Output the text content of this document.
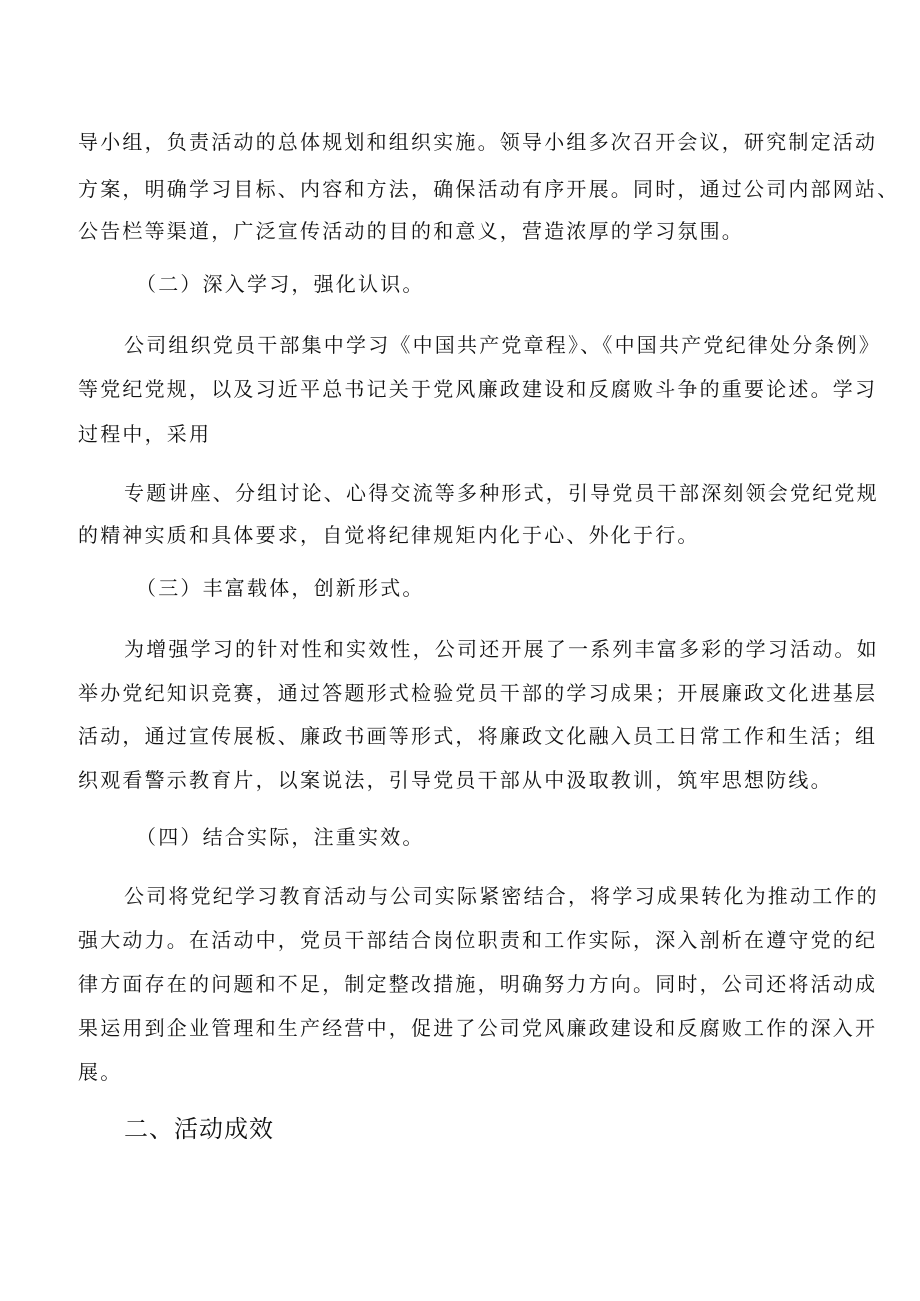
导小组，负责活动的总体规划和组织实施。领导小组多次召开会议，研究制定活动
方案，明确学习目标、内容和方法，确保活动有序开展。同时，通过公司内部网站、
公告栏等渠道，广泛宣传活动的目的和意义，营造浓厚的学习氛围。
（二）深入学习，强化认识。
公司组织党员干部集中学习《中国共产党章程》、《中国共产党纪律处分条例》
等党纪党规，以及习近平总书记关于党风廉政建设和反腐败斗争的重要论述。学习
过程中，采用
专题讲座、分组讨论、心得交流等多种形式，引导党员干部深刻领会党纪党规
的精神实质和具体要求，自觉将纪律规矩内化于心、外化于行。
（三）丰富载体，创新形式。
为增强学习的针对性和实效性，公司还开展了一系列丰富多彩的学习活动。如
举办党纪知识竞赛，通过答题形式检验党员干部的学习成果；开展廉政文化进基层
活动，通过宣传展板、廉政书画等形式，将廉政文化融入员工日常工作和生活；组
织观看警示教育片，以案说法，引导党员干部从中汲取教训，筑牢思想防线。
（四）结合实际，注重实效。
公司将党纪学习教育活动与公司实际紧密结合，将学习成果转化为推动工作的
强大动力。在活动中，党员干部结合岗位职责和工作实际，深入剖析在遵守党的纪
律方面存在的问题和不足，制定整改措施，明确努力方向。同时，公司还将活动成
果运用到企业管理和生产经营中，促进了公司党风廉政建设和反腐败工作的深入开
展。
二、活动成效
